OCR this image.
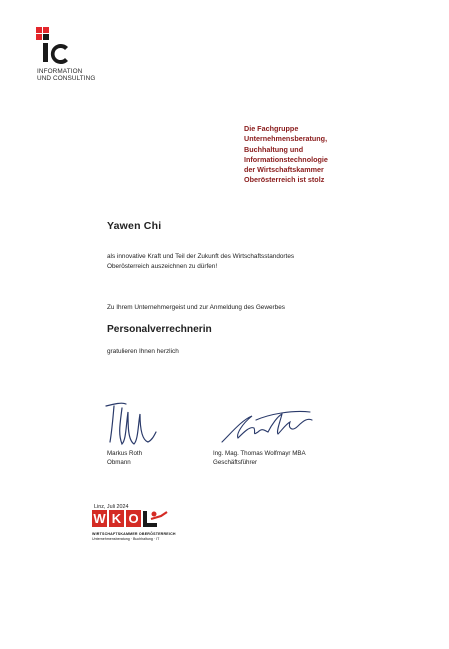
INFORMATION
UND CONSULTING
Die Fachgruppe
Unternehmensberatung,
Buchhaltung und
Informationstechnologie
der Wirtschaftskammer
Oberösterreich ist stolz
Yawen Chi
als innovative Kraft und Teil der Zukunft des Wirtschaftsstandortes
Oberösterreich auszeichnen zu dürfen!
Zu Ihrem Unternehmergeist und zur Anmeldung des Gewerbes
Personalverrechnerin
gratulieren Ihnen herzlich
Markus Roth
Obmann
Ing. Mag. Thomas Wolfmayr MBA
Geschäftsführer
Linz, Juli 2024
W K O
WIRTSCHAFTSKAMMER OBERÖSTERREICH
Unternehmensberatung · Buchhaltung · IT
